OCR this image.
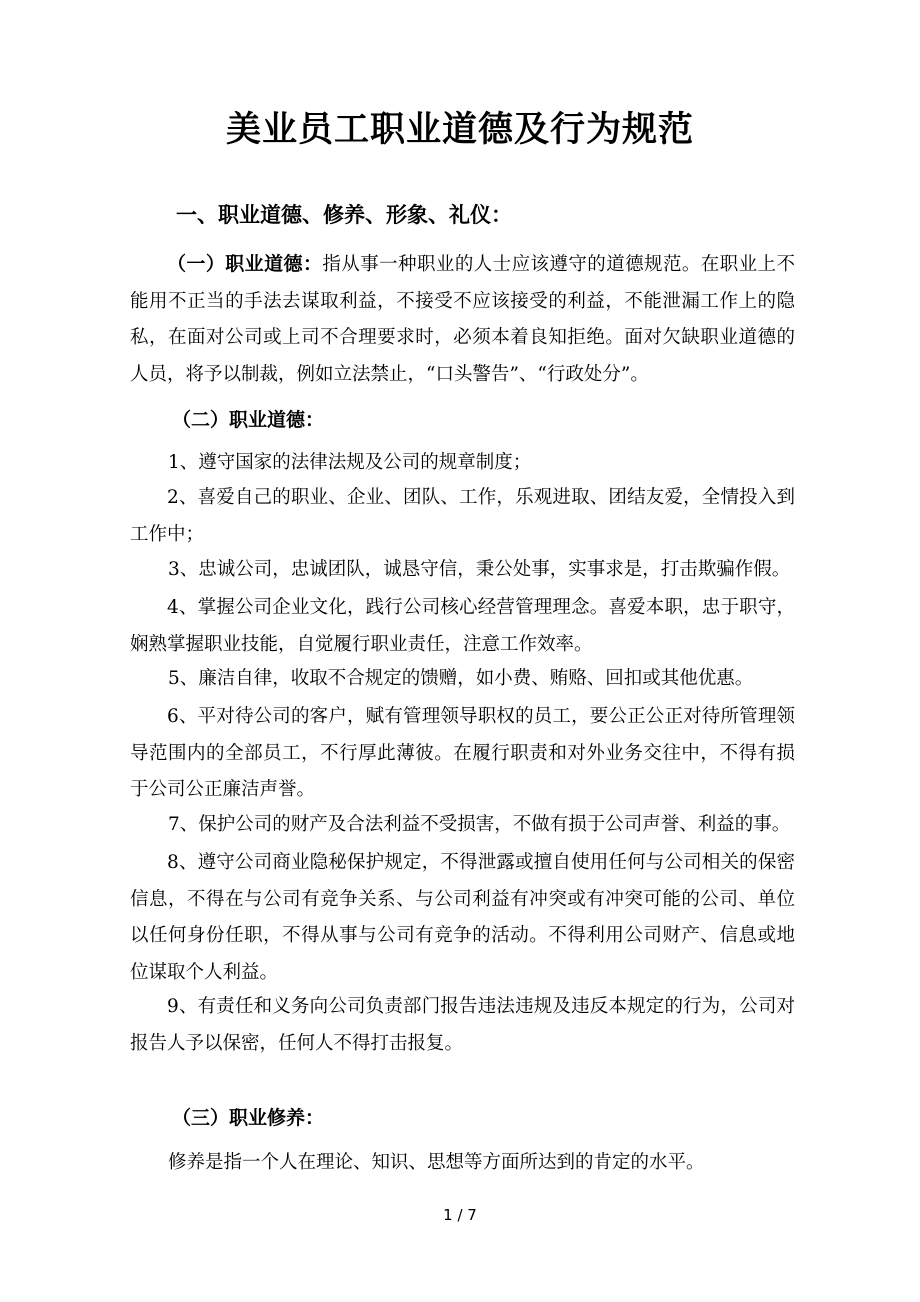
美业员工职业道德及行为规范
一、职业道德、修养、形象、礼仪：

（一）职业道德：指从事一种职业的人士应该遵守的道德规范。在职业上不能用不正当的手法去谋取利益，不接受不应该接受的利益，不能泄漏工作上的隐私，在面对公司或上司不合理要求时，必须本着良知拒绝。面对欠缺职业道德的人员，将予以制裁，例如立法禁止，“口头警告”、“行政处分”。

（二）职业道德：
1、遵守国家的法律法规及公司的规章制度；

2、喜爱自己的职业、企业、团队、工作，乐观进取、团结友爱，全情投入到工作中；

3、忠诚公司，忠诚团队，诚恳守信，秉公处事，实事求是，打击欺骗作假。

4、掌握公司企业文化，践行公司核心经营管理理念。喜爱本职，忠于职守，娴熟掌握职业技能，自觉履行职业责任，注意工作效率。

5、廉洁自律，收取不合规定的馈赠，如小费、贿赂、回扣或其他优惠。

6、平对待公司的客户，赋有管理领导职权的员工，要公正公正对待所管理领导范围内的全部员工，不行厚此薄彼。在履行职责和对外业务交往中，不得有损于公司公正廉洁声誉。

7、保护公司的财产及合法利益不受损害，不做有损于公司声誉、利益的事。

8、遵守公司商业隐秘保护规定，不得泄露或擅自使用任何与公司相关的保密信息，不得在与公司有竞争关系、与公司利益有冲突或有冲突可能的公司、单位以任何身份任职，不得从事与公司有竞争的活动。不得利用公司财产、信息或地位谋取个人利益。

9、有责任和义务向公司负责部门报告违法违规及违反本规定的行为，公司对报告人予以保密，任何人不得打击报复。

（三）职业修养：
修养是指一个人在理论、知识、思想等方面所达到的肯定的水平。
1 / 7
